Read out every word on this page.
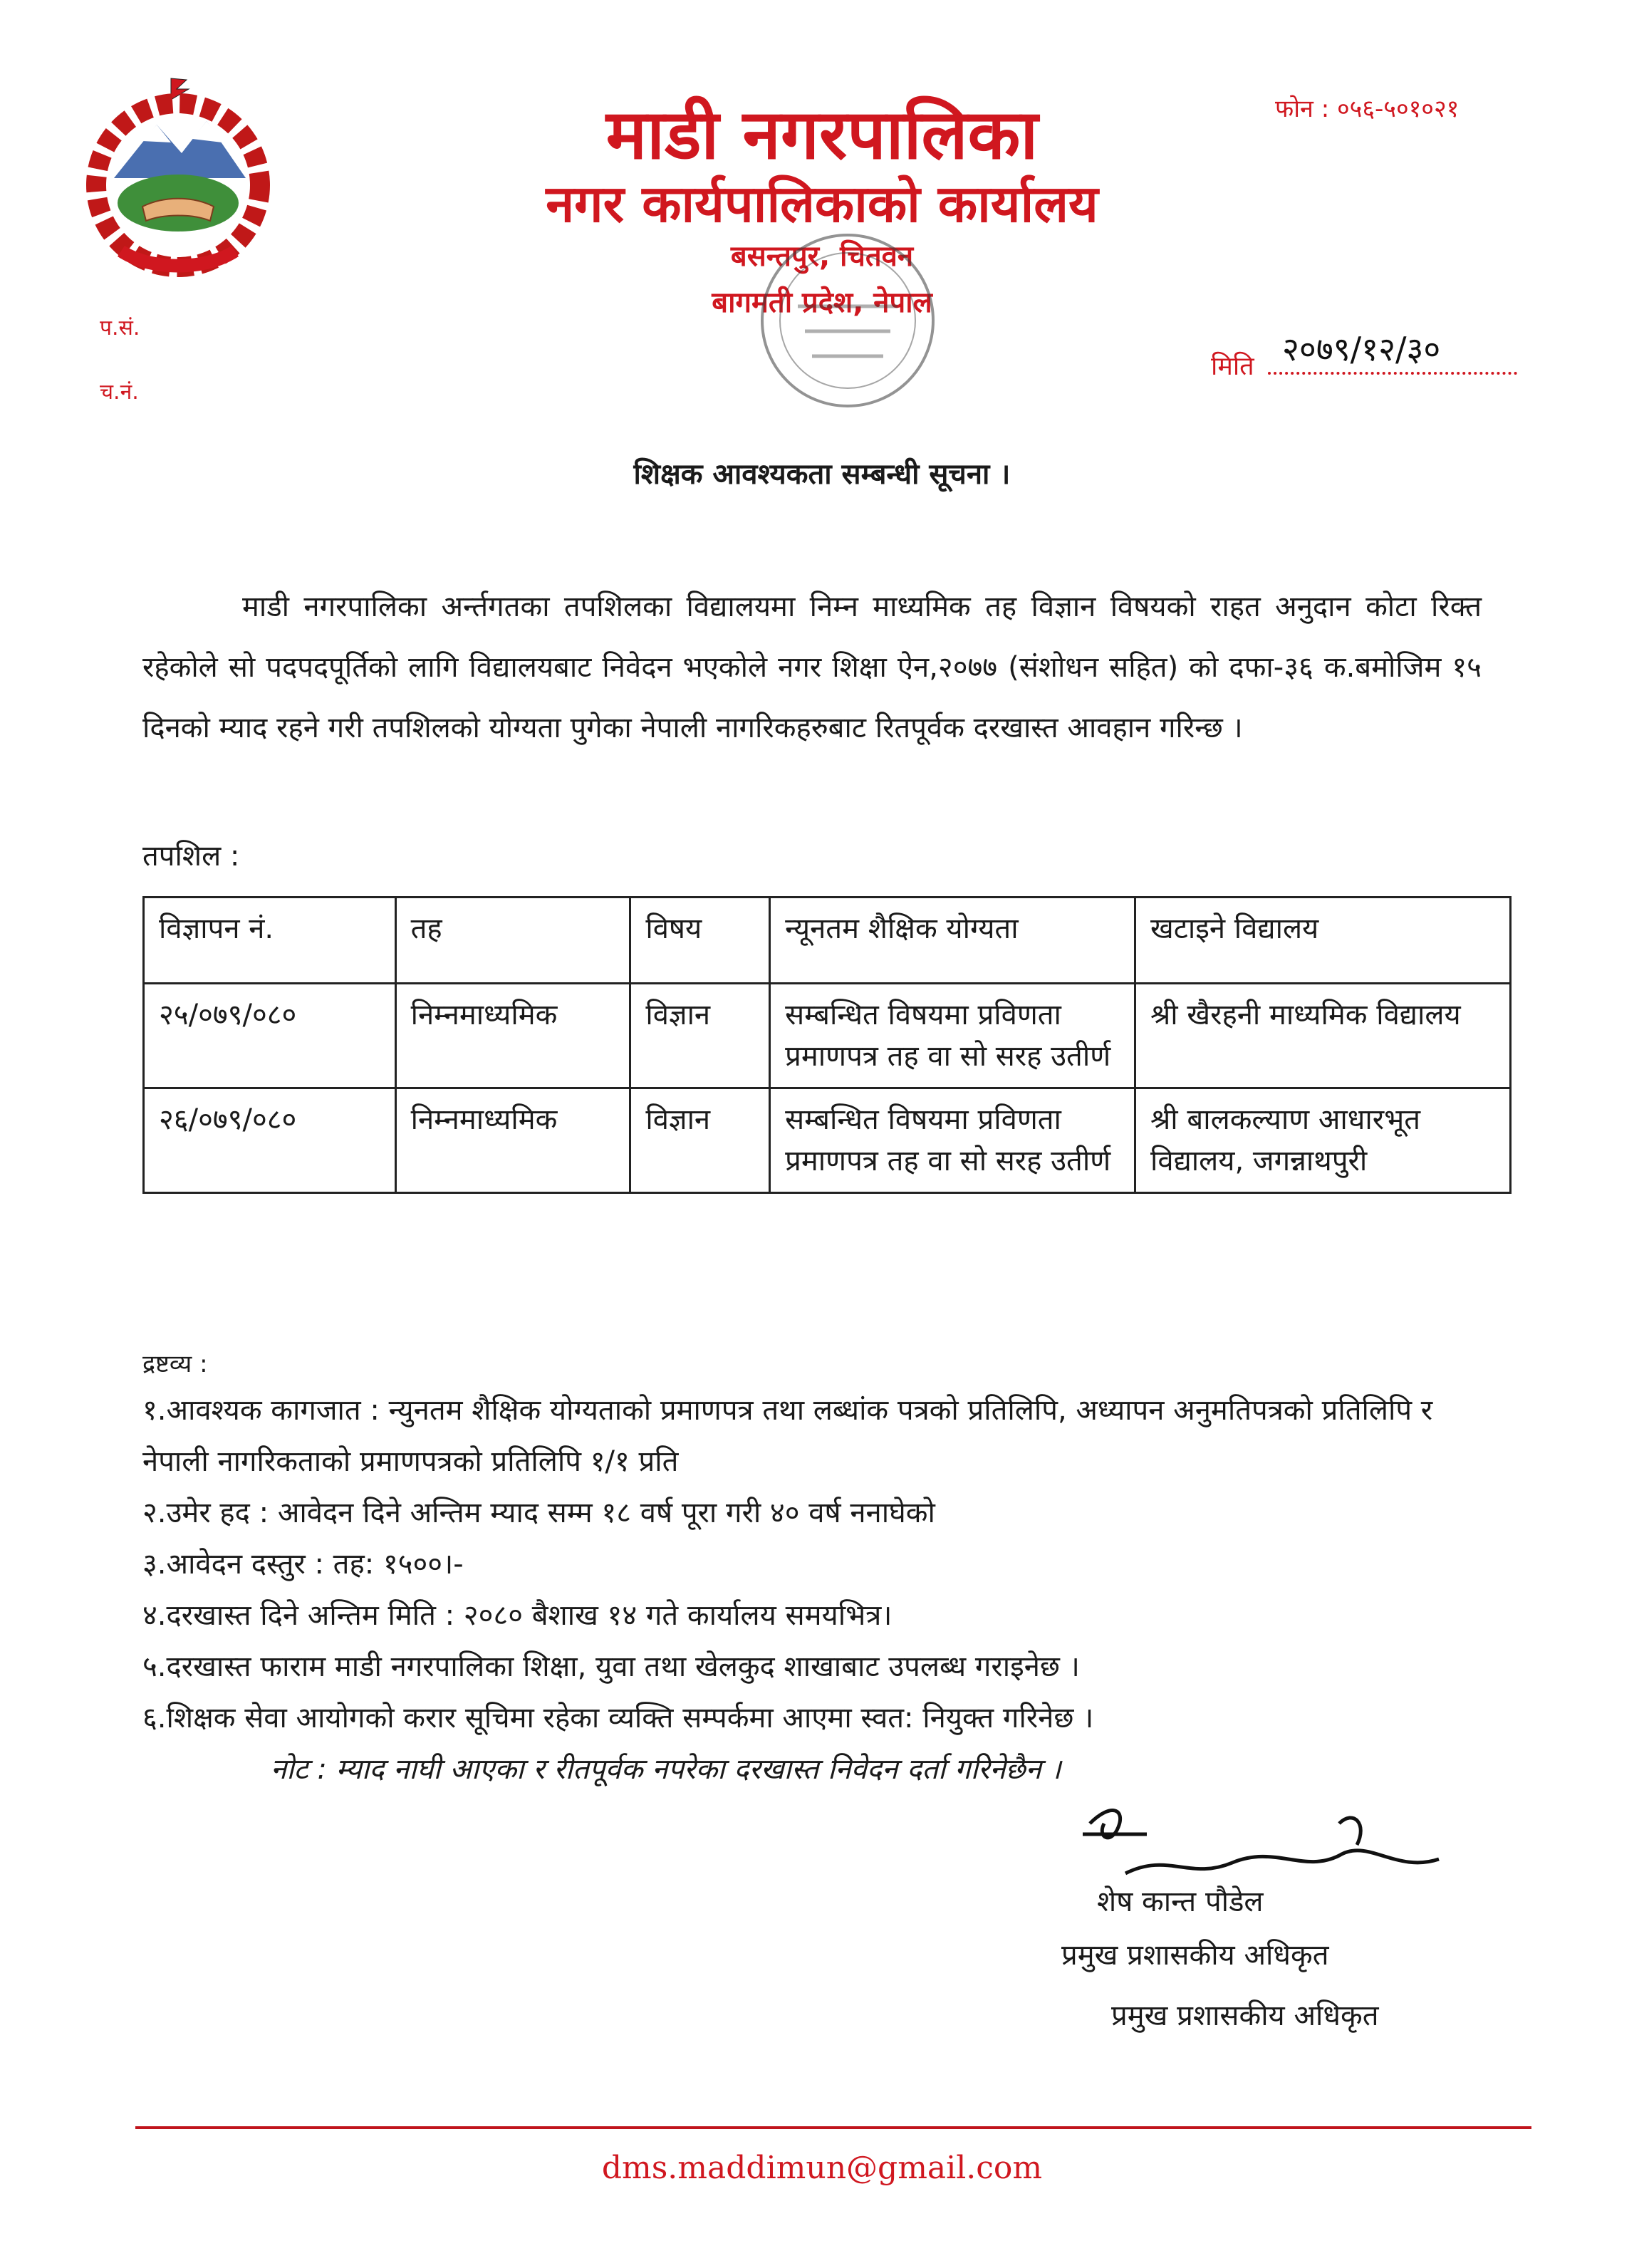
माडी नगरपालिका
नगर कार्यपालिकाको कार्यालय
बसन्तपुर, चितवन
बागमती प्रदेश, नेपाल
फोन : ०५६-५०१०२१
प.सं.
च.नं.
२०७९/१२/३०
मिति
शिक्षक आवश्यकता सम्बन्धी सूचना ।
माडी नगरपालिका अर्न्तगतका तपशिलका विद्यालयमा निम्न माध्यमिक तह विज्ञान विषयको राहत अनुदान कोटा रिक्त रहेकोले सो पदपदपूर्तिको लागि विद्यालयबाट निवेदन भएकोले नगर शिक्षा ऐन,२०७७ (संशोधन सहित) को दफा-३६ क.बमोजिम १५ दिनको म्याद रहने गरी तपशिलको योग्यता पुगेका नेपाली नागरिकहरुबाट रितपूर्वक दरखास्त आवहान गरिन्छ ।
तपशिल :
विज्ञापन नं.	तह	विषय	न्यूनतम शैक्षिक योग्यता	खटाइने विद्यालय
२५/०७९/०८०	निम्नमाध्यमिक	विज्ञान	सम्बन्धित विषयमा प्रविणता प्रमाणपत्र तह वा सो सरह उतीर्ण	श्री खैरहनी माध्यमिक विद्यालय
२६/०७९/०८०	निम्नमाध्यमिक	विज्ञान	सम्बन्धित विषयमा प्रविणता प्रमाणपत्र तह वा सो सरह उतीर्ण	श्री बालकल्याण आधारभूत विद्यालय, जगन्नाथपुरी
द्रष्टव्य :
१.आवश्यक कागजात : न्युनतम शैक्षिक योग्यताको प्रमाणपत्र तथा लब्धांक पत्रको प्रतिलिपि, अध्यापन अनुमतिपत्रको प्रतिलिपि र नेपाली नागरिकताको प्रमाणपत्रको प्रतिलिपि १/१ प्रति
२.उमेर हद : आवेदन दिने अन्तिम म्याद सम्म १८ वर्ष पूरा गरी ४० वर्ष ननाघेको
३.आवेदन दस्तुर : तह: १५००।-
४.दरखास्त दिने अन्तिम मिति : २०८० बैशाख १४ गते कार्यालय समयभित्र।
५.दरखास्त फाराम माडी नगरपालिका शिक्षा, युवा तथा खेलकुद शाखाबाट उपलब्ध गराइनेछ ।
६.शिक्षक सेवा आयोगको करार सूचिमा रहेका व्यक्ति सम्पर्कमा आएमा स्वत: नियुक्त गरिनेछ ।
नोट : म्याद नाघी आएका र रीतपूर्वक नपरेका दरखास्त निवेदन दर्ता गरिनेछैन ।
शेष कान्त पौडेल
प्रमुख प्रशासकीय अधिकृत
प्रमुख प्रशासकीय अधिकृत
dms.maddimun@gmail.com
